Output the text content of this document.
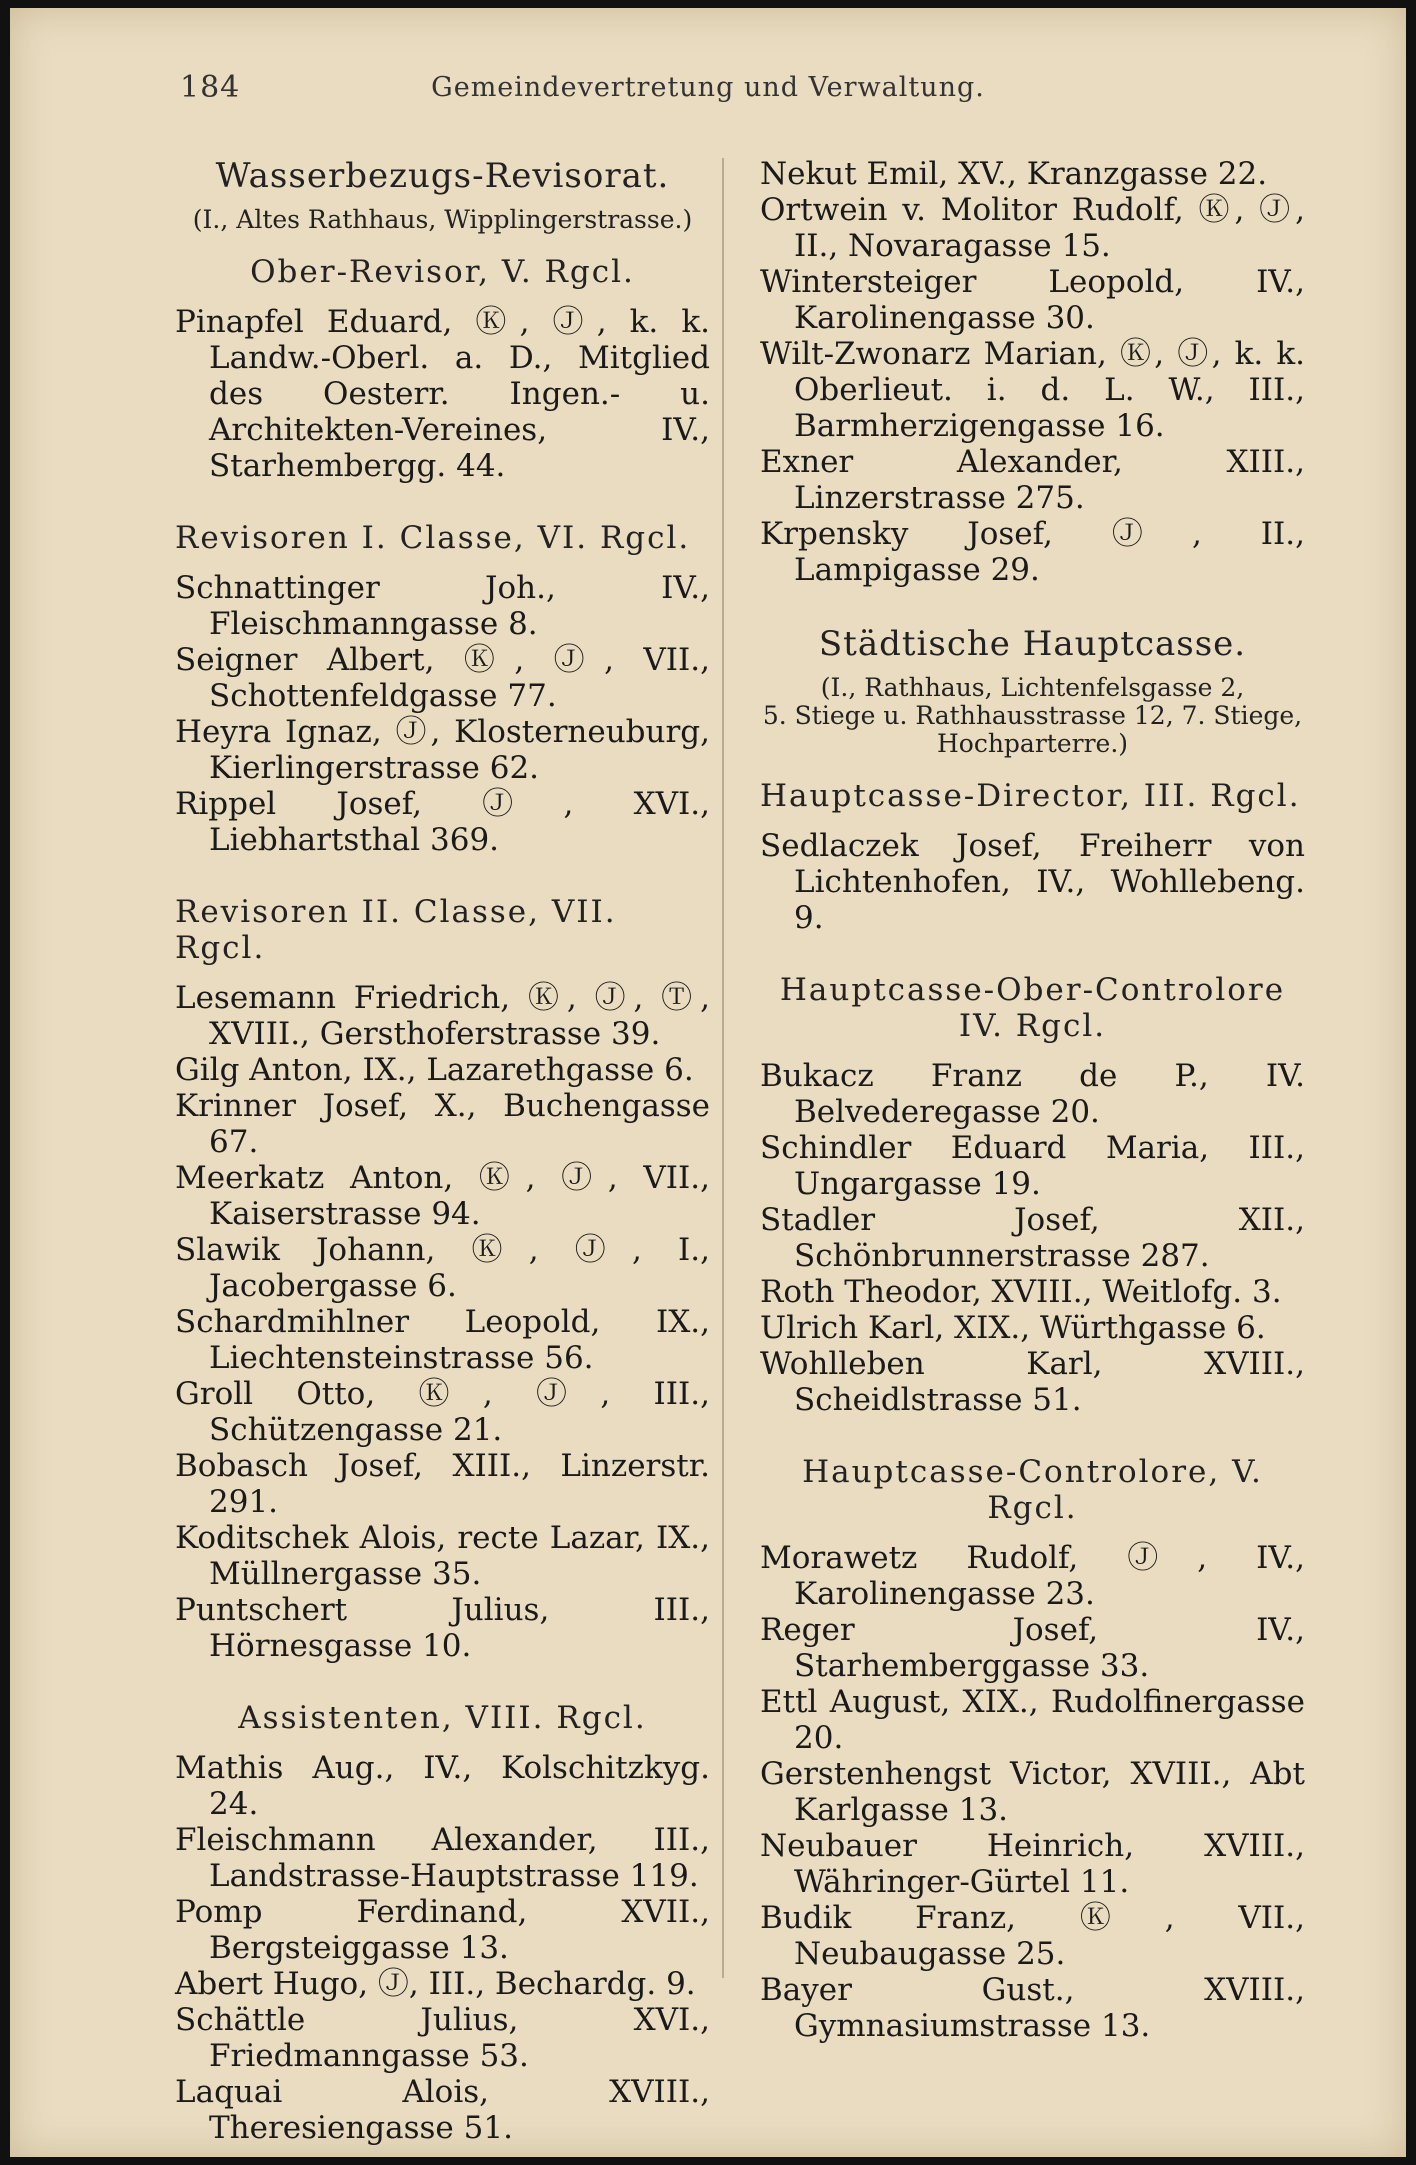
184	Gemeindevertretung und Verwaltung.
Wasserbezugs-Revisorat.
(I., Altes Rathhaus, Wipplingerstrasse.)
Ober-Revisor, V. Rgcl.
Pinapfel Eduard, Ⓚ, Ⓙ, k. k. Landw.-Oberl. a. D., Mitglied des Oesterr. Ingen.- u. Architekten-Vereines, IV., Starhembergg. 44.
Revisoren I. Classe, VI. Rgcl.
Schnattinger Joh., IV., Fleischmanngasse 8.
Seigner Albert, Ⓚ, Ⓙ, VII., Schottenfeldgasse 77.
Heyra Ignaz, Ⓙ, Klosterneuburg, Kierlingerstrasse 62.
Rippel Josef, Ⓙ, XVI., Liebhartsthal 369.
Revisoren II. Classe, VII. Rgcl.
Lesemann Friedrich, Ⓚ, Ⓙ, Ⓣ, XVIII., Gersthoferstrasse 39.
Gilg Anton, IX., Lazarethgasse 6.
Krinner Josef, X., Buchengasse 67.
Meerkatz Anton, Ⓚ, Ⓙ, VII., Kaiserstrasse 94.
Slawik Johann, Ⓚ, Ⓙ, I., Jacobergasse 6.
Schardmihlner Leopold, IX., Liechtensteinstrasse 56.
Groll Otto, Ⓚ, Ⓙ, III., Schützengasse 21.
Bobasch Josef, XIII., Linzerstr. 291.
Koditschek Alois, recte Lazar, IX., Müllnergasse 35.
Puntschert Julius, III., Hörnesgasse 10.
Assistenten, VIII. Rgcl.
Mathis Aug., IV., Kolschitzkyg. 24.
Fleischmann Alexander, III., Landstrasse-Hauptstrasse 119.
Pomp Ferdinand, XVII., Bergsteiggasse 13.
Abert Hugo, Ⓙ, III., Bechardg. 9.
Schättle Julius, XVI., Friedmanngasse 53.
Laquai Alois, XVIII., Theresiengasse 51.
Nekut Emil, XV., Kranzgasse 22.
Ortwein v. Molitor Rudolf, Ⓚ, Ⓙ, II., Novaragasse 15.
Wintersteiger Leopold, IV., Karolinengasse 30.
Wilt-Zwonarz Marian, Ⓚ, Ⓙ, k. k. Oberlieut. i. d. L. W., III., Barmherzigengasse 16.
Exner Alexander, XIII., Linzerstrasse 275.
Krpensky Josef, Ⓙ, II., Lampigasse 29.
Städtische Hauptcasse.
(I., Rathhaus, Lichtenfelsgasse 2,
5. Stiege u. Rathhausstrasse 12, 7. Stiege,
Hochparterre.)
Hauptcasse-Director, III. Rgcl.
Sedlaczek Josef, Freiherr von Lichtenhofen, IV., Wohllebeng. 9.
Hauptcasse-Ober-Controlore IV. Rgcl.
Bukacz Franz de P., IV. Belvederegasse 20.
Schindler Eduard Maria, III., Ungargasse 19.
Stadler Josef, XII., Schönbrunnerstrasse 287.
Roth Theodor, XVIII., Weitlofg. 3.
Ulrich Karl, XIX., Würthgasse 6.
Wohlleben Karl, XVIII., Scheidlstrasse 51.
Hauptcasse-Controlore, V. Rgcl.
Morawetz Rudolf, Ⓙ, IV., Karolinengasse 23.
Reger Josef, IV., Starhemberggasse 33.
Ettl August, XIX., Rudolfinergasse 20.
Gerstenhengst Victor, XVIII., Abt Karlgasse 13.
Neubauer Heinrich, XVIII., Währinger-Gürtel 11.
Budik Franz, Ⓚ, VII., Neubaugasse 25.
Bayer Gust., XVIII., Gymnasiumstrasse 13.
